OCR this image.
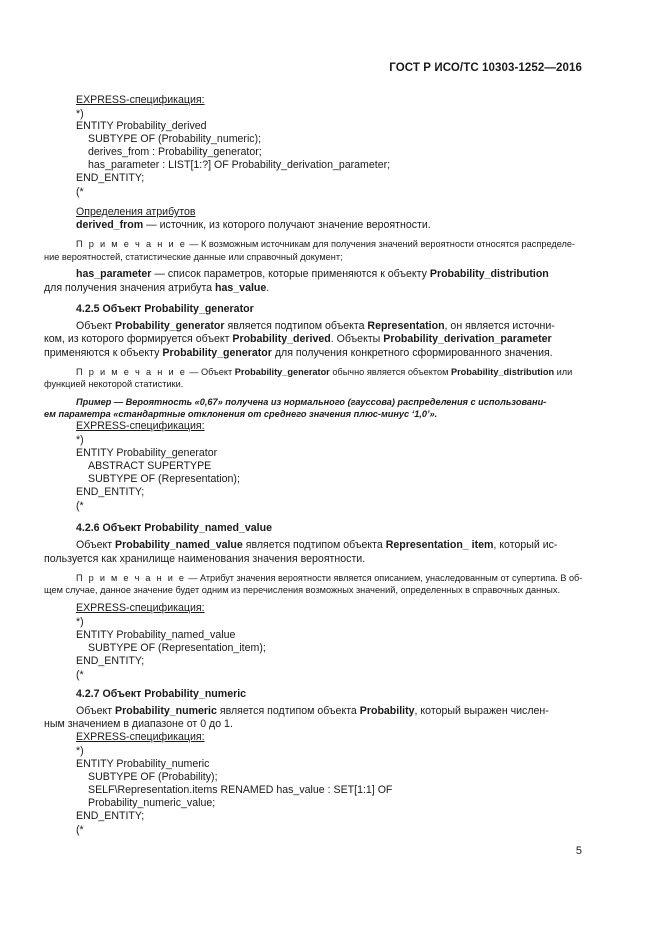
ГОСТ Р ИСО/ТС 10303-1252—2016
EXPRESS-спецификация:
*)
ENTITY Probability_derived
SUBTYPE OF (Probability_numeric);
derives_from : Probability_generator;
has_parameter : LIST[1:?] OF Probability_derivation_parameter;
END_ENTITY;
(*
Определения атрибутов
derived_from — источник, из которого получают значение вероятности.
П р и м е ч а н и е — К возможным источникам для получения значений вероятности относятся распределе-
ние вероятностей, статистические данные или справочный документ;
has_parameter — список параметров, которые применяются к объекту Probability_distribution
для получения значения атрибута has_value.
4.2.5 Объект Probability_generator
Объект Probability_generator является подтипом объекта Representation, он является источни-
ком, из которого формируется объект Probability_derived. Объекты Probability_derivation_parameter
применяются к объекту Probability_generator для получения конкретного сформированного значения.
П р и м е ч а н и е — Объект Probability_generator обычно является объектом Probability_distribution или
функцией некоторой статистики.
Пример — Вероятность «0,67» получена из нормального (гауссова) распределения с использовани-
ем параметра «стандартные отклонения от среднего значения плюс-минус ‘1,0’».
EXPRESS-спецификация:
*)
ENTITY Probability_generator
ABSTRACT SUPERTYPE
SUBTYPE OF (Representation);
END_ENTITY;
(*
4.2.6 Объект Probability_named_value
Объект Probability_named_value является подтипом объекта Representation_ item, который ис-
пользуется как хранилище наименования значения вероятности.
П р и м е ч а н и е — Атрибут значения вероятности является описанием, унаследованным от супертипа. В об-
щем случае, данное значение будет одним из перечисления возможных значений, определенных в справочных данных.
EXPRESS-спецификация:
*)
ENTITY Probability_named_value
SUBTYPE OF (Representation_item);
END_ENTITY;
(*
4.2.7 Объект Probability_numeric
Объект Probability_numeric является подтипом объекта Probability, который выражен числен-
ным значением в диапазоне от 0 до 1.
EXPRESS-спецификация:
*)
ENTITY Probability_numeric
SUBTYPE OF (Probability);
SELF\Representation.items RENAMED has_value : SET[1:1] OF
Probability_numeric_value;
END_ENTITY;
(*
5
